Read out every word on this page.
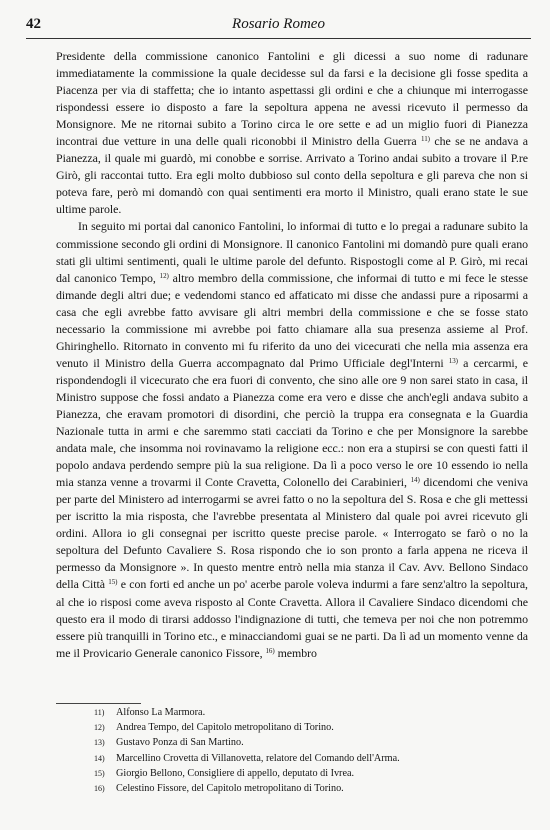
42	Rosario Romeo

Presidente della commissione canonico Fantolini e gli dicessi a suo nome di radunare immediatamente la commissione la quale decidesse sul da farsi e la decisione gli fosse spedita a Piacenza per via di staffetta; che io intanto aspettassi gli ordini e che a chiunque mi interrogasse rispondessi essere io disposto a fare la sepoltura appena ne avessi ricevuto il permesso da Monsignore. Me ne ritornai subito a Torino circa le ore sette e ad un miglio fuori di Pianezza incontrai due vetture in una delle quali riconobbi il Ministro della Guerra $^{11)}$ che se ne andava a Pianezza, il quale mi guardò, mi conobbe e sorrise. Arrivato a Torino andai subito a trovare il P.re Girò, gli raccontai tutto. Era egli molto dubbioso sul conto della sepoltura e gli pareva che non si poteva fare, però mi domandò con quai sentimenti era morto il Ministro, quali erano state le sue ultime parole.

In seguito mi portai dal canonico Fantolini, lo informai di tutto e lo pregai a radunare subito la commissione secondo gli ordini di Monsignore. Il canonico Fantolini mi domandò pure quali erano stati gli ultimi sentimenti, quali le ultime parole del defunto. Rispostogli come al P. Girò, mi recai dal canonico Tempo, $^{12)}$ altro membro della commissione, che informai di tutto e mi fece le stesse dimande degli altri due; e vedendomi stanco ed affaticato mi disse che andassi pure a riposarmi a casa che egli avrebbe fatto avvisare gli altri membri della commissione e che se fosse stato necessario la commissione mi avrebbe poi fatto chiamare alla sua presenza assieme al Prof. Ghiringhello. Ritornato in convento mi fu riferito da uno dei vicecurati che nella mia assenza era venuto il Ministro della Guerra accompagnato dal Primo Ufficiale degl'Interni $^{13)}$ a cercarmi, e rispondendogli il vicecurato che era fuori di convento, che sino alle ore 9 non sarei stato in casa, il Ministro suppose che fossi andato a Pianezza come era vero e disse che anch'egli andava subito a Pianezza, che eravam promotori di disordini, che perciò la truppa era consegnata e la Guardia Nazionale tutta in armi e che saremmo stati cacciati da Torino e che per Monsignore la sarebbe andata male, che insomma noi rovinavamo la religione ecc.: non era a stupirsi se con questi fatti il popolo andava perdendo sempre più la sua religione. Da lì a poco verso le ore 10 essendo io nella mia stanza venne a trovarmi il Conte Cravetta, Colonello dei Carabinieri, $^{14)}$ dicendomi che veniva per parte del Ministero ad interrogarmi se avrei fatto o no la sepoltura del S. Rosa e che gli mettessi per iscritto la mia risposta, che l'avrebbe presentata al Ministero dal quale poi avrei ricevuto gli ordini. Allora io gli consegnai per iscritto queste precise parole. « Interrogato se farò o no la sepoltura del Defunto Cavaliere S. Rosa rispondo che io son pronto a farla appena ne riceva il permesso da Monsignore ». In questo mentre entrò nella mia stanza il Cav. Avv. Bellono Sindaco della Città $^{15)}$ e con forti ed anche un po' acerbe parole voleva indurmi a fare senz'altro la sepoltura, al che io risposi come aveva risposto al Conte Cravetta. Allora il Cavaliere Sindaco dicendomi che questo era il modo di tirarsi addosso l'indignazione di tutti, che temeva per noi che non potremmo essere più tranquilli in Torino etc., e minacciandomi guai se ne parti. Da lì ad un momento venne da me il Provicario Generale canonico Fissore, $^{16)}$ membro

11) Alfonso La Marmora.
12) Andrea Tempo, del Capitolo metropolitano di Torino.
13) Gustavo Ponza di San Martino.
14) Marcellino Crovetta di Villanovetta, relatore del Comando dell'Arma.
15) Giorgio Bellono, Consigliere di appello, deputato di Ivrea.
16) Celestino Fissore, del Capitolo metropolitano di Torino.
